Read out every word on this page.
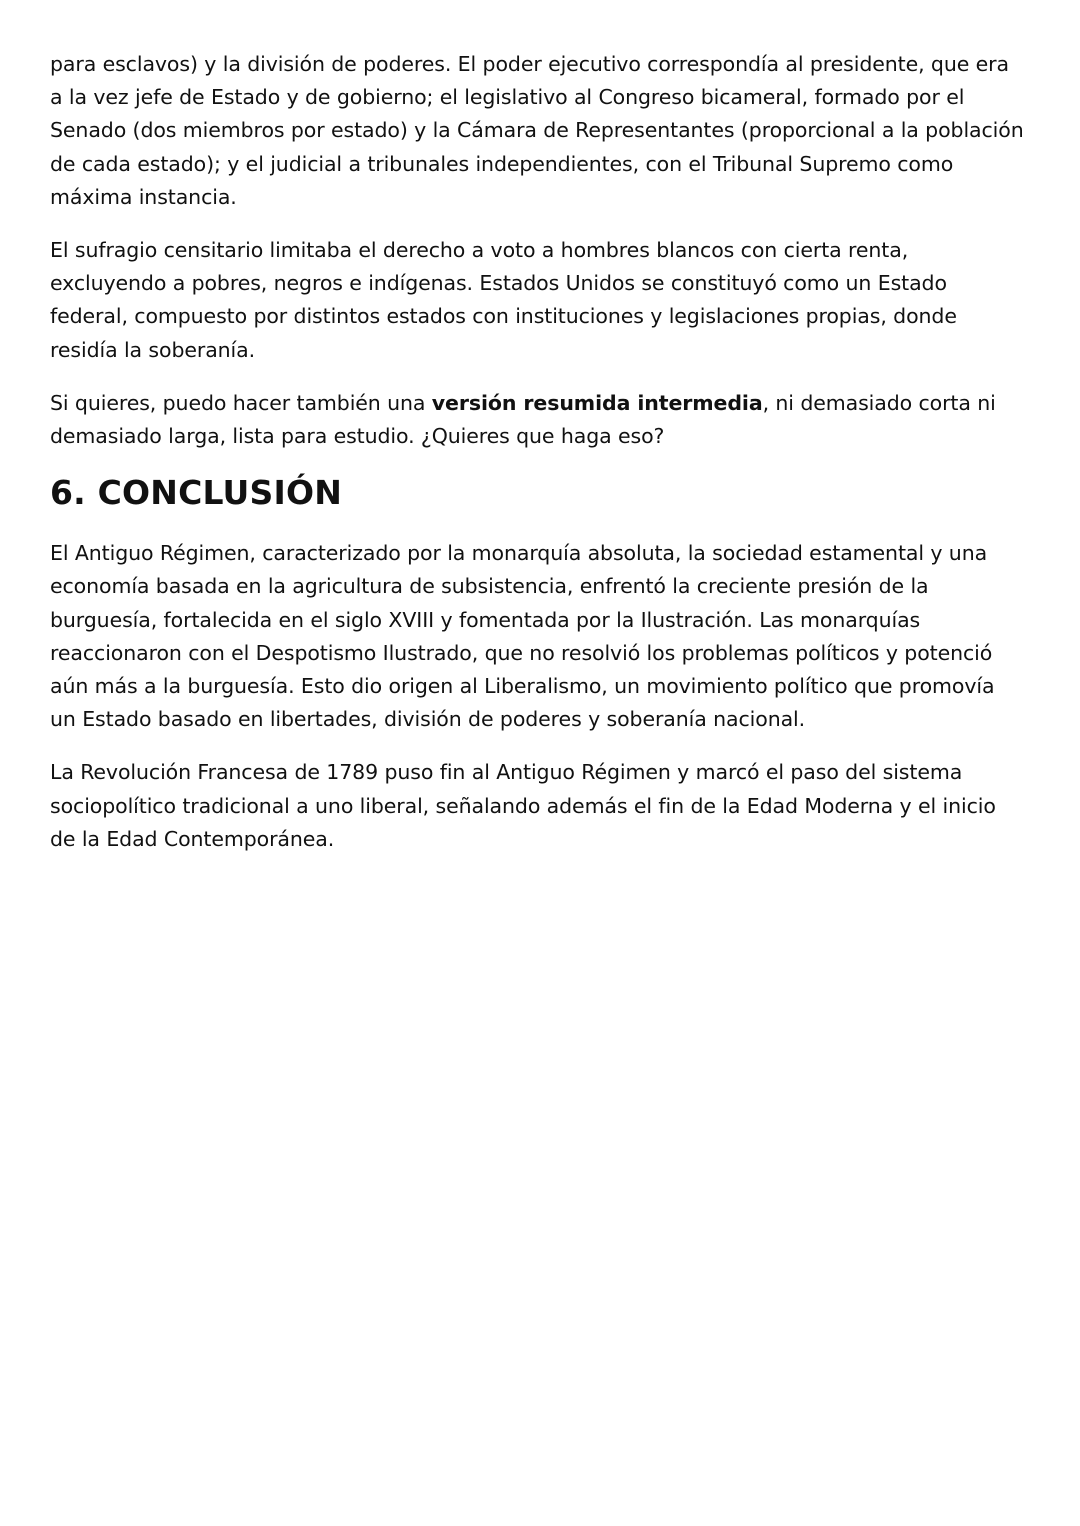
para esclavos) y la división de poderes. El poder ejecutivo correspondía al presidente, que era a la vez jefe de Estado y de gobierno; el legislativo al Congreso bicameral, formado por el Senado (dos miembros por estado) y la Cámara de Representantes (proporcional a la población de cada estado); y el judicial a tribunales independientes, con el Tribunal Supremo como máxima instancia.

El sufragio censitario limitaba el derecho a voto a hombres blancos con cierta renta, excluyendo a pobres, negros e indígenas. Estados Unidos se constituyó como un Estado federal, compuesto por distintos estados con instituciones y legislaciones propias, donde residía la soberanía.

Si quieres, puedo hacer también una versión resumida intermedia, ni demasiado corta ni demasiado larga, lista para estudio. ¿Quieres que haga eso?

6. CONCLUSIÓN

El Antiguo Régimen, caracterizado por la monarquía absoluta, la sociedad estamental y una economía basada en la agricultura de subsistencia, enfrentó la creciente presión de la burguesía, fortalecida en el siglo XVIII y fomentada por la Ilustración. Las monarquías reaccionaron con el Despotismo Ilustrado, que no resolvió los problemas políticos y potenció aún más a la burguesía. Esto dio origen al Liberalismo, un movimiento político que promovía un Estado basado en libertades, división de poderes y soberanía nacional.

La Revolución Francesa de 1789 puso fin al Antiguo Régimen y marcó el paso del sistema sociopolítico tradicional a uno liberal, señalando además el fin de la Edad Moderna y el inicio de la Edad Contemporánea.
